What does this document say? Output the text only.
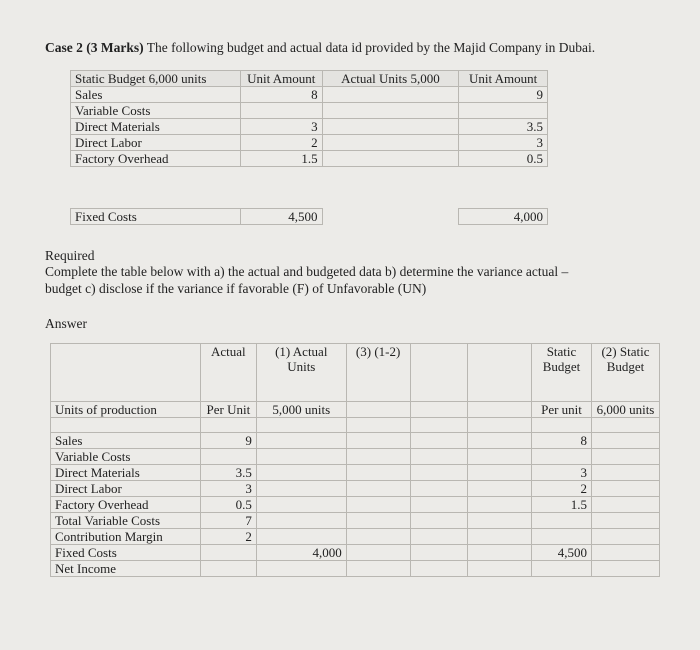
Case 2 (3 Marks) The following budget and actual data id provided by the Majid Company in Dubai.
Static Budget 6,000 units	Unit Amount	Actual Units 5,000	Unit Amount
Sales	8		9
Variable Costs			
Direct Materials	3		3.5
Direct Labor	2		3
Factory Overhead	1.5		0.5
Fixed Costs	4,500		4,000
Required
Complete the table below with a) the actual and budgeted data b) determine the variance actual –
budget c) disclose if the variance if favorable (F) of Unfavorable (UN)
Answer
	Actual	(1) Actual Units	(3) (1-2)			Static Budget	(2) Static Budget
Units of production	Per Unit	5,000 units				Per unit	6,000 units

Sales	9					8	
Variable Costs							
Direct Materials	3.5					3	
Direct Labor	3					2	
Factory Overhead	0.5					1.5	
Total Variable Costs	7						
Contribution Margin	2						
Fixed Costs		4,000				4,500	
Net Income							
